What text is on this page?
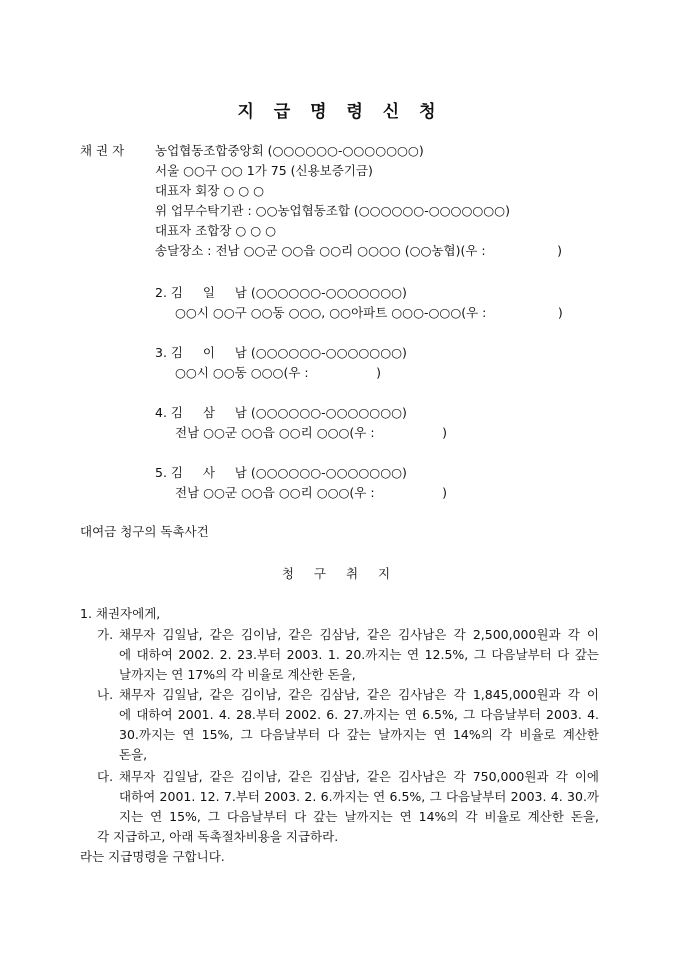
지 급 명 령 신 청
채 권 자 농업협동조합중앙회 (○○○○○○-○○○○○○○)
서울 ○○구 ○○ 1가 75 (신용보증기금)
대표자 회장 ○ ○ ○
위 업무수탁기관 : ○○농업협동조합 (○○○○○○-○○○○○○○)
대표자 조합장 ○ ○ ○
송달장소 : 전남 ○○군 ○○읍 ○○리 ○○○○ (○○농협)(우 :                  )
2. 김     일     남 (○○○○○○-○○○○○○○)
○○시 ○○구 ○○동 ○○○, ○○아파트 ○○○-○○○(우 :                  )
3. 김     이     남 (○○○○○○-○○○○○○○)
○○시 ○○동 ○○○(우 :                 )
4. 김     삼     남 (○○○○○○-○○○○○○○)
전남 ○○군 ○○읍 ○○리 ○○○(우 :                 )
5. 김     사     남 (○○○○○○-○○○○○○○)
전남 ○○군 ○○읍 ○○리 ○○○(우 :                 )
대여금 청구의 독촉사건
청 구 취 지
1. 채권자에게,
가. 채무자 김일남, 같은 김이남, 같은 김삼남, 같은 김사남은 각 2,500,000원과 각 이
에 대하여 2002. 2. 23.부터 2003. 1. 20.까지는 연 12.5%, 그 다음날부터 다 갚는
날까지는 연 17%의 각 비율로 계산한 돈을,
나. 채무자 김일남, 같은 김이남, 같은 김삼남, 같은 김사남은 각 1,845,000원과 각 이
에 대하여 2001. 4. 28.부터 2002. 6. 27.까지는 연 6.5%, 그 다음날부터 2003. 4.
30.까지는 연 15%, 그 다음날부터 다 갚는 날까지는 연 14%의 각 비율로 계산한
돈을,
다. 채무자 김일남, 같은 김이남, 같은 김삼남, 같은 김사남은 각 750,000원과 각 이에
대하여 2001. 12. 7.부터 2003. 2. 6.까지는 연 6.5%, 그 다음날부터 2003. 4. 30.까
지는 연 15%, 그 다음날부터 다 갚는 날까지는 연 14%의 각 비율로 계산한 돈을,
각 지급하고, 아래 독촉절차비용을 지급하라.
라는 지급명령을 구합니다.
